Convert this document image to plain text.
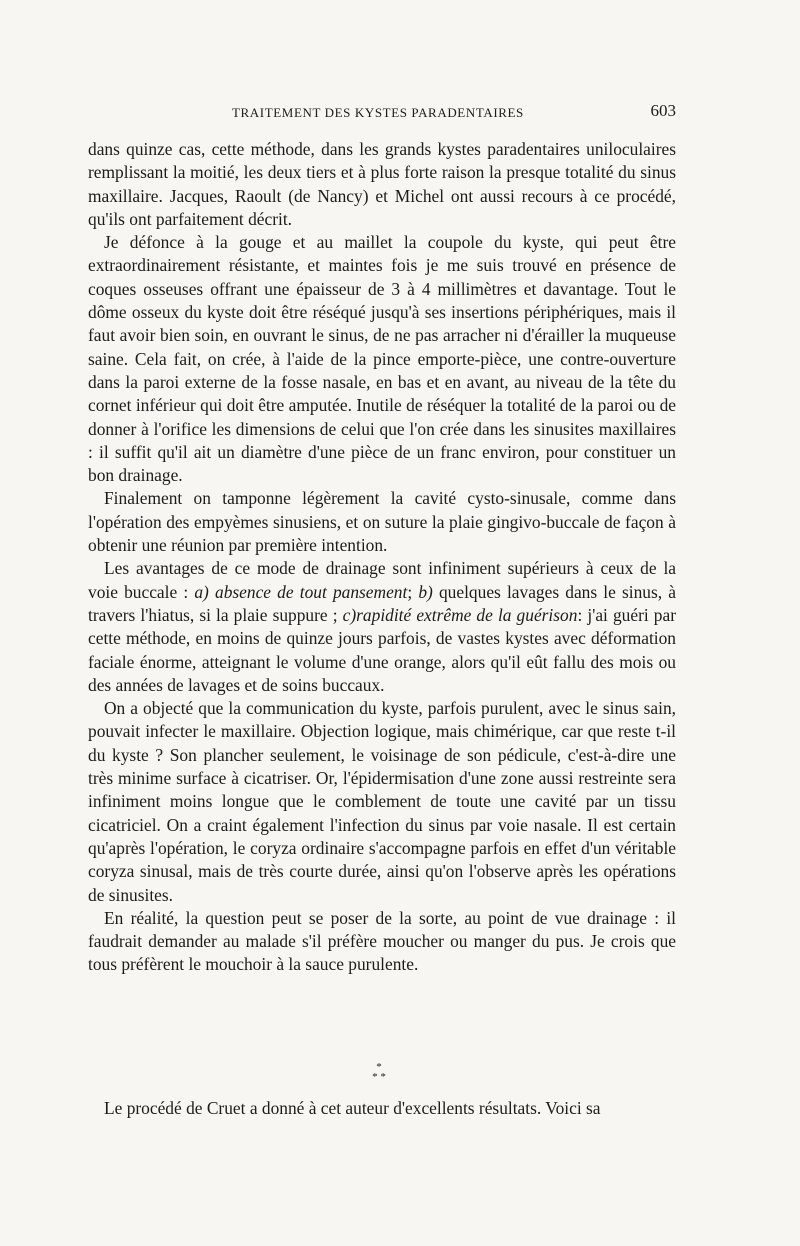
TRAITEMENT DES KYSTES PARADENTAIRES	603

dans quinze cas, cette méthode, dans les grands kystes paradentaires uniloculaires remplissant la moitié, les deux tiers et à plus forte raison la presque totalité du sinus maxillaire. Jacques, Raoult (de Nancy) et Michel ont aussi recours à ce procédé, qu'ils ont parfaitement décrit.

Je défonce à la gouge et au maillet la coupole du kyste, qui peut être extraordinairement résistante, et maintes fois je me suis trouvé en présence de coques osseuses offrant une épaisseur de 3 à 4 millimètres et davantage. Tout le dôme osseux du kyste doit être réséqué jusqu'à ses insertions périphériques, mais il faut avoir bien soin, en ouvrant le sinus, de ne pas arracher ni d'érailler la muqueuse saine. Cela fait, on crée, à l'aide de la pince emporte-pièce, une contre-ouverture dans la paroi externe de la fosse nasale, en bas et en avant, au niveau de la tête du cornet inférieur qui doit être amputée. Inutile de réséquer la totalité de la paroi ou de donner à l'orifice les dimensions de celui que l'on crée dans les sinusites maxillaires : il suffit qu'il ait un diamètre d'une pièce de un franc environ, pour constituer un bon drainage.

Finalement on tamponne légèrement la cavité cysto-sinusale, comme dans l'opération des empyèmes sinusiens, et on suture la plaie gingivo-buccale de façon à obtenir une réunion par première intention.

Les avantages de ce mode de drainage sont infiniment supérieurs à ceux de la voie buccale : a) absence de tout pansement; b) quelques lavages dans le sinus, à travers l'hiatus, si la plaie suppure ; c)rapidité extrême de la guérison: j'ai guéri par cette méthode, en moins de quinze jours parfois, de vastes kystes avec déformation faciale énorme, atteignant le volume d'une orange, alors qu'il eût fallu des mois ou des années de lavages et de soins buccaux.

On a objecté que la communication du kyste, parfois purulent, avec le sinus sain, pouvait infecter le maxillaire. Objection logique, mais chimérique, car que reste t-il du kyste ? Son plancher seulement, le voisinage de son pédicule, c'est-à-dire une très minime surface à cicatriser. Or, l'épidermisation d'une zone aussi restreinte sera infiniment moins longue que le comblement de toute une cavité par un tissu cicatriciel. On a craint également l'infection du sinus par voie nasale. Il est certain qu'après l'opération, le coryza ordinaire s'accompagne parfois en effet d'un véritable coryza sinusal, mais de très courte durée, ainsi qu'on l'observe après les opérations de sinusites.

En réalité, la question peut se poser de la sorte, au point de vue drainage : il faudrait demander au malade s'il préfère moucher ou manger du pus. Je crois que tous préfèrent le mouchoir à la sauce purulente.

*
* *

Le procédé de Cruet a donné à cet auteur d'excellents résultats. Voici sa
